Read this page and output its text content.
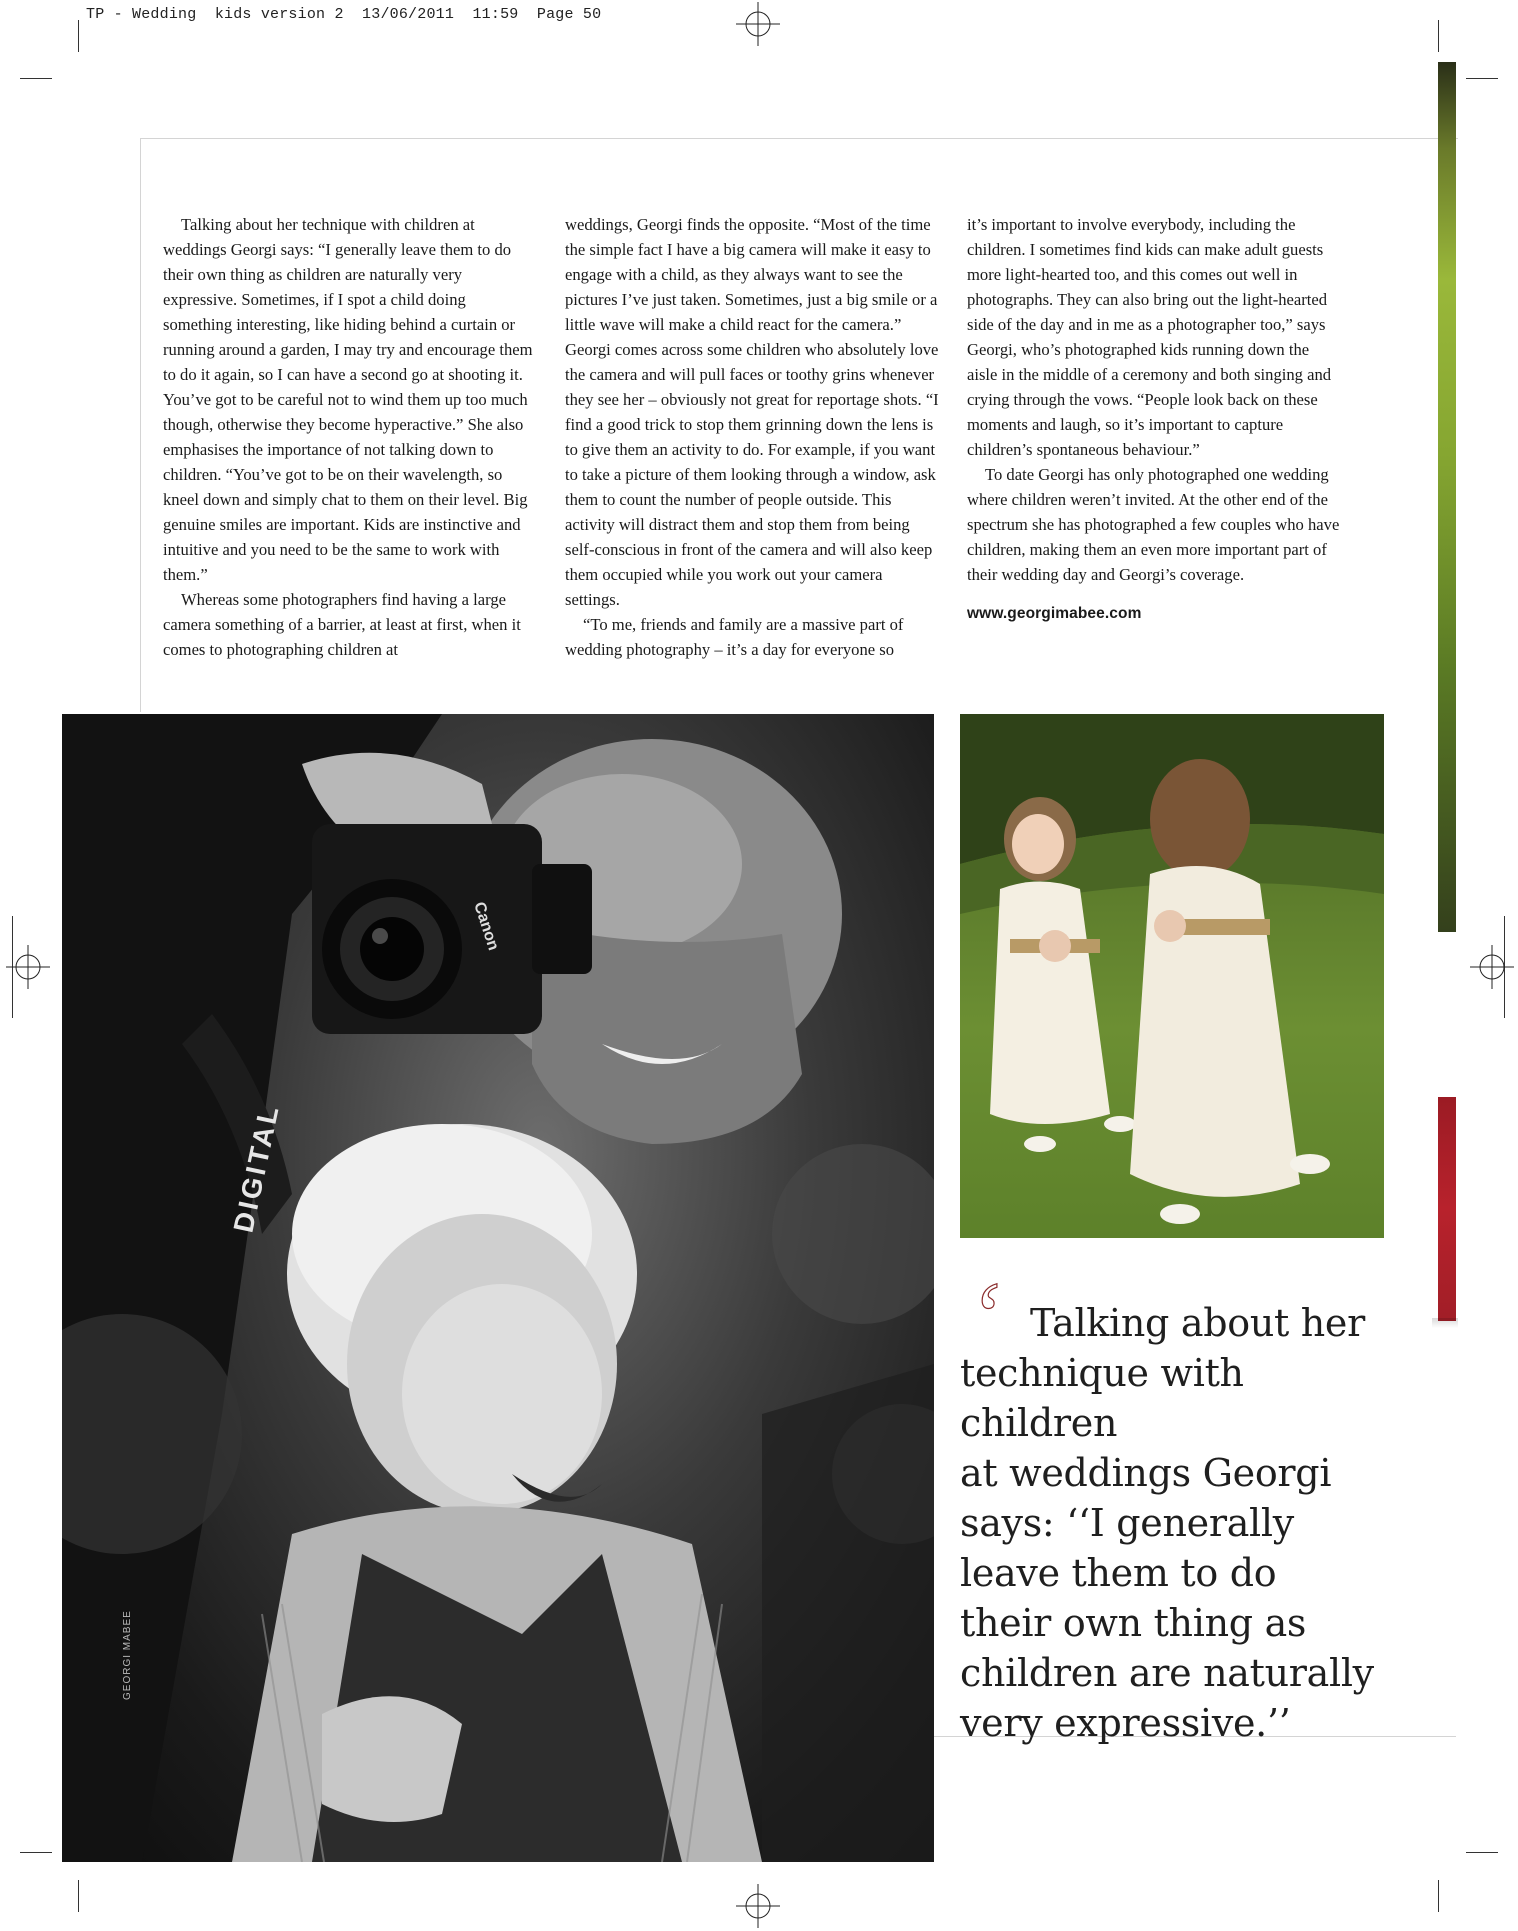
TP - Wedding  kids version 2  13/06/2011  11:59  Page 50

Talking about her technique with children at weddings Georgi says: “I generally leave them to do their own thing as children are naturally very expressive. Sometimes, if I spot a child doing something interesting, like hiding behind a curtain or running around a garden, I may try and encourage them to do it again, so I can have a second go at shooting it. You’ve got to be careful not to wind them up too much though, otherwise they become hyperactive.” She also emphasises the importance of not talking down to children. “You’ve got to be on their wavelength, so kneel down and simply chat to them on their level. Big genuine smiles are important. Kids are instinctive and intuitive and you need to be the same to work with them.”

Whereas some photographers find having a large camera something of a barrier, at least at first, when it comes to photographing children at

weddings, Georgi finds the opposite. “Most of the time the simple fact I have a big camera will make it easy to engage with a child, as they always want to see the pictures I’ve just taken. Sometimes, just a big smile or a little wave will make a child react for the camera.” Georgi comes across some children who absolutely love the camera and will pull faces or toothy grins whenever they see her – obviously not great for reportage shots. “I find a good trick to stop them grinning down the lens is to give them an activity to do. For example, if you want to take a picture of them looking through a window, ask them to count the number of people outside. This activity will distract them and stop them from being self-conscious in front of the camera and will also keep them occupied while you work out your camera settings.

“To me, friends and family are a massive part of wedding photography – it’s a day for everyone so

it’s important to involve everybody, including the children. I sometimes find kids can make adult guests more light-hearted too, and this comes out well in photographs. They can also bring out the light-hearted side of the day and in me as a photographer too,” says Georgi, who’s photographed kids running down the aisle in the middle of a ceremony and both singing and crying through the vows. “People look back on these moments and laugh, so it’s important to capture children’s spontaneous behaviour.”

To date Georgi has only photographed one wedding where children weren’t invited. At the other end of the spectrum she has photographed a few couples who have children, making them an even more important part of their wedding day and Georgi’s coverage.

www.georgimabee.com
Canon
DIGITAL
GEORGI MABEE
‘ Talking about her
technique with children
at weddings Georgi
says: ‘‘I generally
leave them to do
their own thing as
children are naturally
very expressive.’’
